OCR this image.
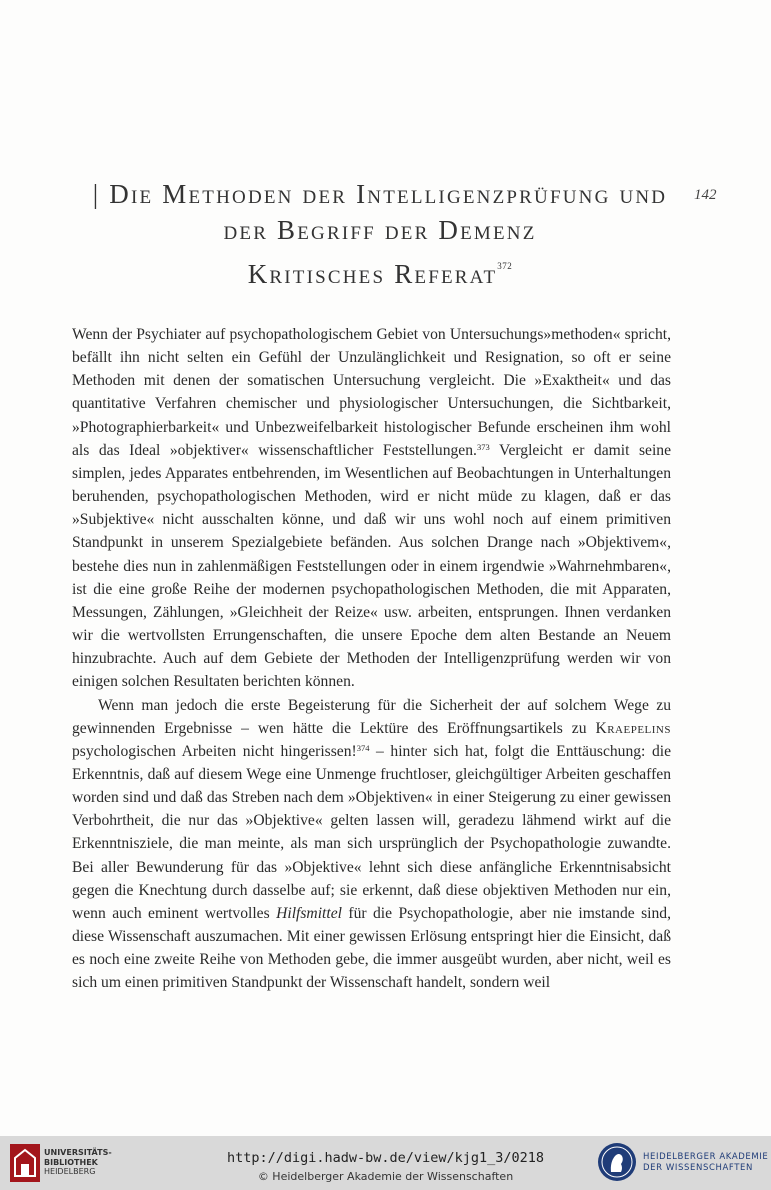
| Die Methoden der Intelligenzprüfung und
der Begriff der Demenz
Kritisches Referat$^{372}$
142

Wenn der Psychiater auf psychopathologischem Gebiet von Untersuchungs»methoden« spricht, befällt ihn nicht selten ein Gefühl der Unzulänglichkeit und Resignation, so oft er seine Methoden mit denen der somatischen Untersuchung vergleicht. Die »Exaktheit« und das quantitative Verfahren chemischer und physiologischer Untersuchungen, die Sichtbarkeit, »Photographierbarkeit« und Unbezweifelbarkeit histologischer Befunde erscheinen ihm wohl als das Ideal »objektiver« wissenschaftlicher Feststellungen.$^{373}$ Vergleicht er damit seine simplen, jedes Apparates entbehrenden, im Wesentlichen auf Beobachtungen in Unterhaltungen beruhenden, psychopathologischen Methoden, wird er nicht müde zu klagen, daß er das »Subjektive« nicht ausschalten könne, und daß wir uns wohl noch auf einem primitiven Standpunkt in unserem Spezialgebiete befänden. Aus solchen Drange nach »Objektivem«, bestehe dies nun in zahlenmäßigen Feststellungen oder in einem irgendwie »Wahrnehmbaren«, ist die eine große Reihe der modernen psychopathologischen Methoden, die mit Apparaten, Messungen, Zählungen, »Gleichheit der Reize« usw. arbeiten, entsprungen. Ihnen verdanken wir die wertvollsten Errungenschaften, die unsere Epoche dem alten Bestande an Neuem hinzubrachte. Auch auf dem Gebiete der Methoden der Intelligenzprüfung werden wir von einigen solchen Resultaten berichten können.

Wenn man jedoch die erste Begeisterung für die Sicherheit der auf solchem Wege zu gewinnenden Ergebnisse – wen hätte die Lektüre des Eröffnungsartikels zu Kraepelins psychologischen Arbeiten nicht hingerissen!$^{374}$ – hinter sich hat, folgt die Enttäuschung: die Erkenntnis, daß auf diesem Wege eine Unmenge fruchtloser, gleichgültiger Arbeiten geschaffen worden sind und daß das Streben nach dem »Objektiven« in einer Steigerung zu einer gewissen Verbohrtheit, die nur das »Objektive« gelten lassen will, geradezu lähmend wirkt auf die Erkenntnisziele, die man meinte, als man sich ursprünglich der Psychopathologie zuwandte. Bei aller Bewunderung für das »Objektive« lehnt sich diese anfängliche Erkenntnisabsicht gegen die Knechtung durch dasselbe auf; sie erkennt, daß diese objektiven Methoden nur ein, wenn auch eminent wertvolles Hilfsmittel für die Psychopathologie, aber nie imstande sind, diese Wissenschaft auszumachen. Mit einer gewissen Erlösung entspringt hier die Einsicht, daß es noch eine zweite Reihe von Methoden gebe, die immer ausgeübt wurden, aber nicht, weil es sich um einen primitiven Standpunkt der Wissenschaft handelt, sondern weil

UNIVERSITÄTS-
BIBLIOTHEK
HEIDELBERG
http://digi.hadw-bw.de/view/kjg1_3/0218
© Heidelberger Akademie der Wissenschaften
HEIDELBERGER AKADEMIE
DER WISSENSCHAFTEN
